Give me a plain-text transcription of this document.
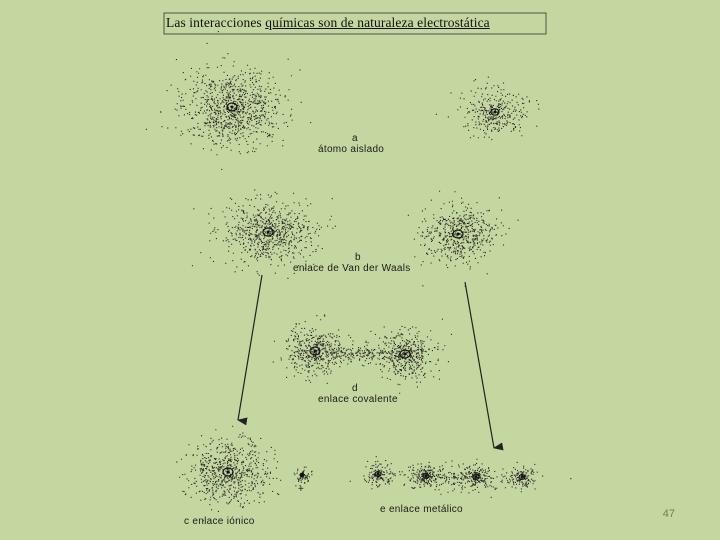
Las interacciones químicas son de naturaleza electrostática
a
átomo aislado
b
enlace de Van der Waals
d
enlace covalente
+
c enlace iónico
e enlace metálico	47
